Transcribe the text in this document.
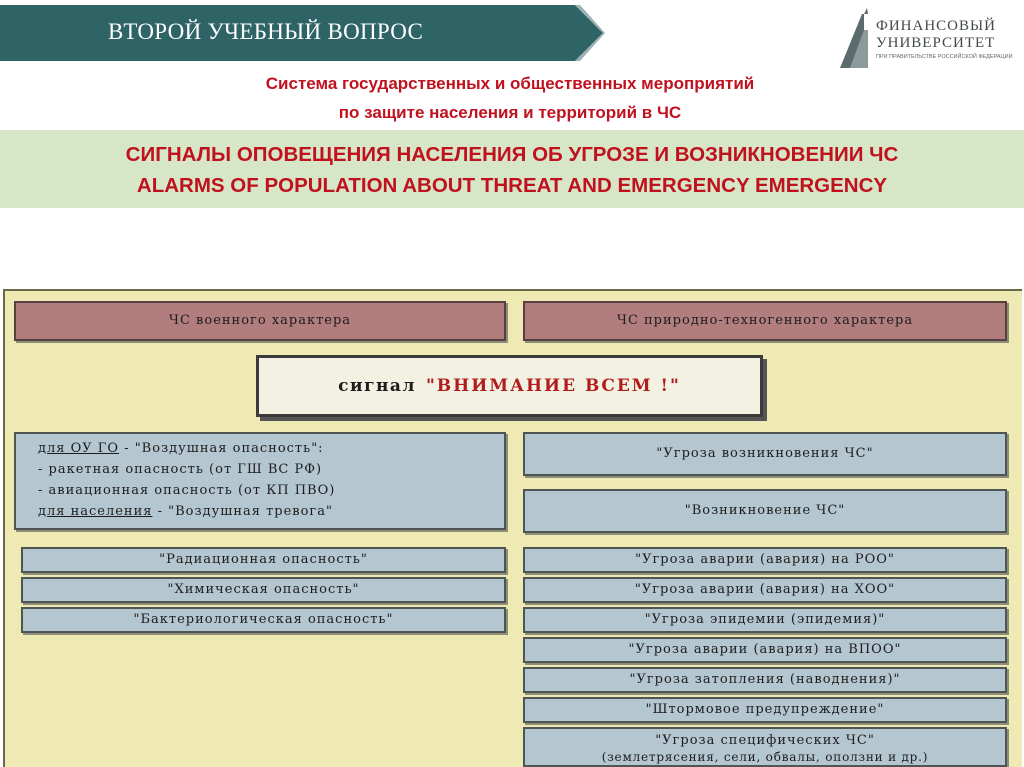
ВТОРОЙ УЧЕБНЫЙ ВОПРОС	ФИНАНСОВЫЙ
УНИВЕРСИТЕТ
ПРИ ПРАВИТЕЛЬСТВЕ РОССИЙСКОЙ ФЕДЕРАЦИИ
Система государственных и общественных мероприятий
по защите населения и территорий в ЧС
СИГНАЛЫ ОПОВЕЩЕНИЯ НАСЕЛЕНИЯ ОБ УГРОЗЕ И ВОЗНИКНОВЕНИИ ЧС
ALARMS OF POPULATION ABOUT THREAT AND EMERGENCY EMERGENCY
ЧС военного характера	ЧС природно-техногенного характера
сигнал "ВНИМАНИЕ ВСЕМ !"
для ОУ ГО - "Воздушная опасность":
- ракетная опасность (от ГШ ВС РФ)
- авиационная опасность (от КП ПВО)
для населения - "Воздушная тревога"
"Радиационная опасность"
"Химическая опасность"
"Бактериологическая опасность"
"Угроза возникновения ЧС"
"Возникновение ЧС"
"Угроза аварии (авария) на РОО"
"Угроза аварии (авария) на ХОО"
"Угроза эпидемии (эпидемия)"
"Угроза аварии (авария) на ВПОО"
"Угроза затопления (наводнения)"
"Штормовое предупреждение"
"Угроза специфических ЧС"
(землетрясения, сели, обвалы, оползни и др.)
